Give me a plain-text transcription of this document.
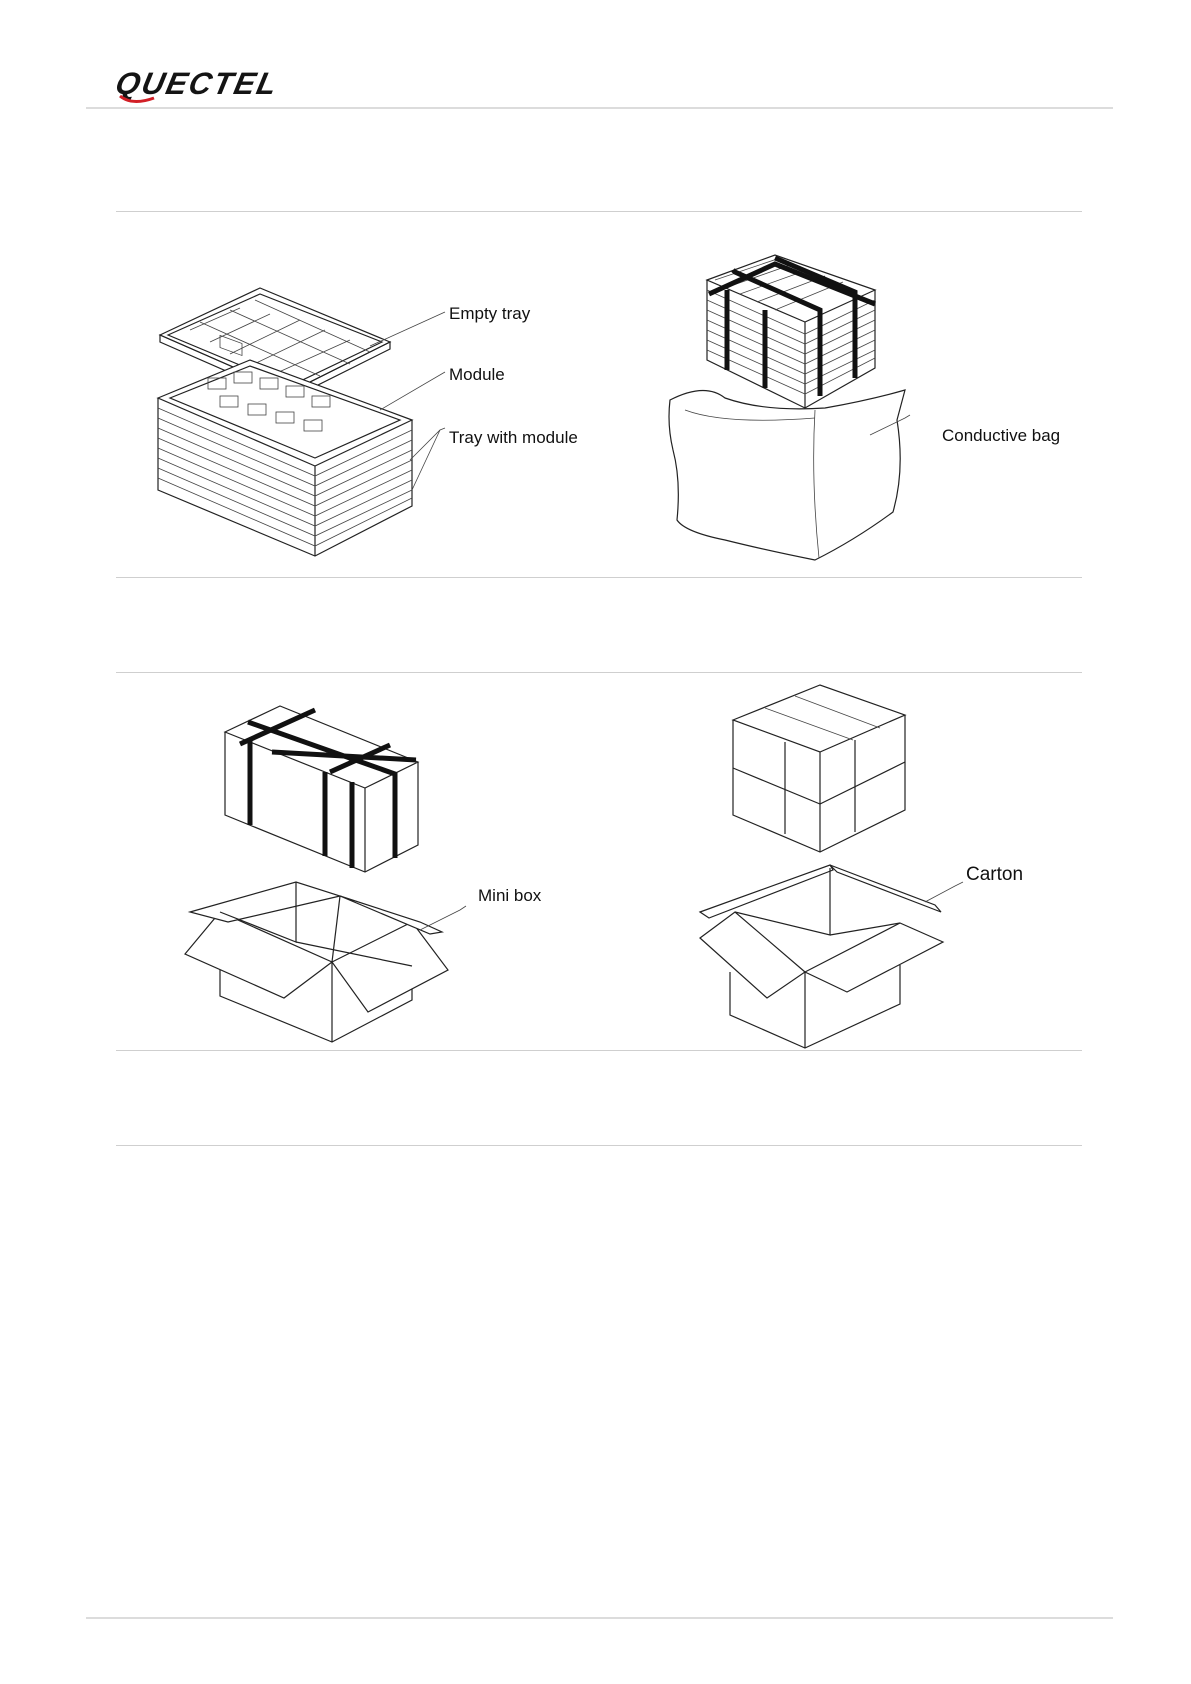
QUECTEL
Empty tray
Module
Tray with module	Conductive bag
Mini box
Carton
